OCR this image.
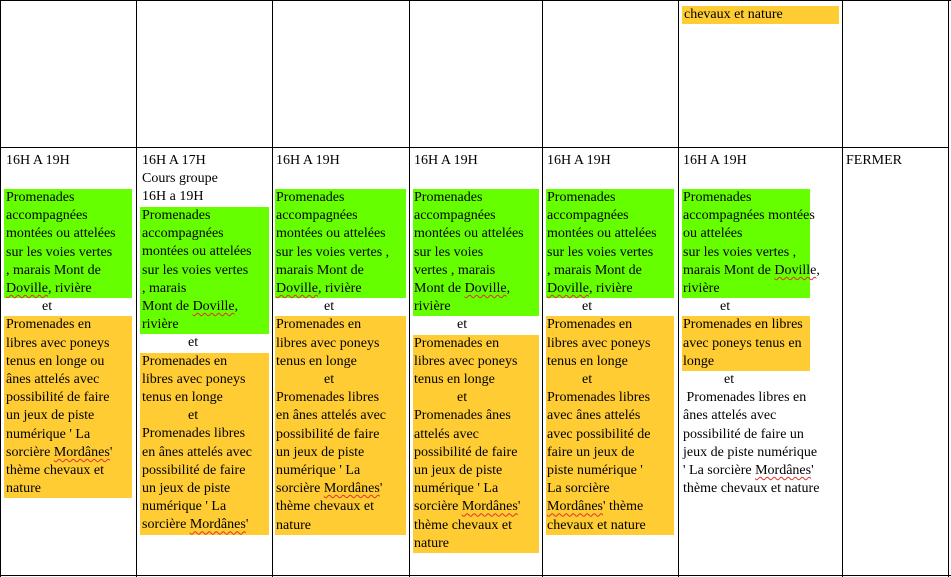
chevaux et nature
16H A 19H
Promenades
accompagnées
montées ou attelées
sur les voies vertes
, marais Mont de
Doville, rivière
et
Promenades en
libres avec poneys
tenus en longe ou
ânes attelés avec
possibilité de faire
un jeux de piste
numérique ' La
sorcière Mordânes'
thème chevaux et
nature
16H A 17H
Cours groupe
16H a 19H
Promenades
accompagnées
montées ou attelées
sur les voies vertes
, marais
Mont de Doville,
rivière
et
Promenades en
libres avec poneys
tenus en longe
et
Promenades libres
en ânes attelés avec
possibilité de faire
un jeux de piste
numérique ' La
sorcière Mordânes'
16H A 19H
Promenades
accompagnées
montées ou attelées
sur les voies vertes ,
marais Mont de
Doville, rivière
et
Promenades en
libres avec poneys
tenus en longe
et
Promenades libres
en ânes attelés avec
possibilité de faire
un jeux de piste
numérique ' La
sorcière Mordânes'
thème chevaux et
nature
16H A 19H
Promenades
accompagnées
montées ou attelées
sur les voies
vertes , marais
Mont de Doville,
rivière
et
Promenades en
libres avec poneys
tenus en longe
et
Promenades ânes
attelés avec
possibilité de faire
un jeux de piste
numérique ' La
sorcière Mordânes'
thème chevaux et
nature
16H A 19H
Promenades
accompagnées
montées ou attelées
sur les voies vertes
, marais Mont de
Doville, rivière
et
Promenades en
libres avec poneys
tenus en longe
et
Promenades libres
avec ânes attelés
avec possibilité de
faire un jeux de
piste numérique '
La sorcière
Mordânes' thème
chevaux et nature
16H A 19H
Promenades
accompagnées montées
ou attelées
sur les voies vertes ,
marais Mont de Doville,
rivière
et
Promenades en libres
avec poneys tenus en
longe
et
Promenades libres en
ânes attelés avec
possibilité de faire un
jeux de piste numérique
' La sorcière Mordânes'
thème chevaux et nature
FERMER
